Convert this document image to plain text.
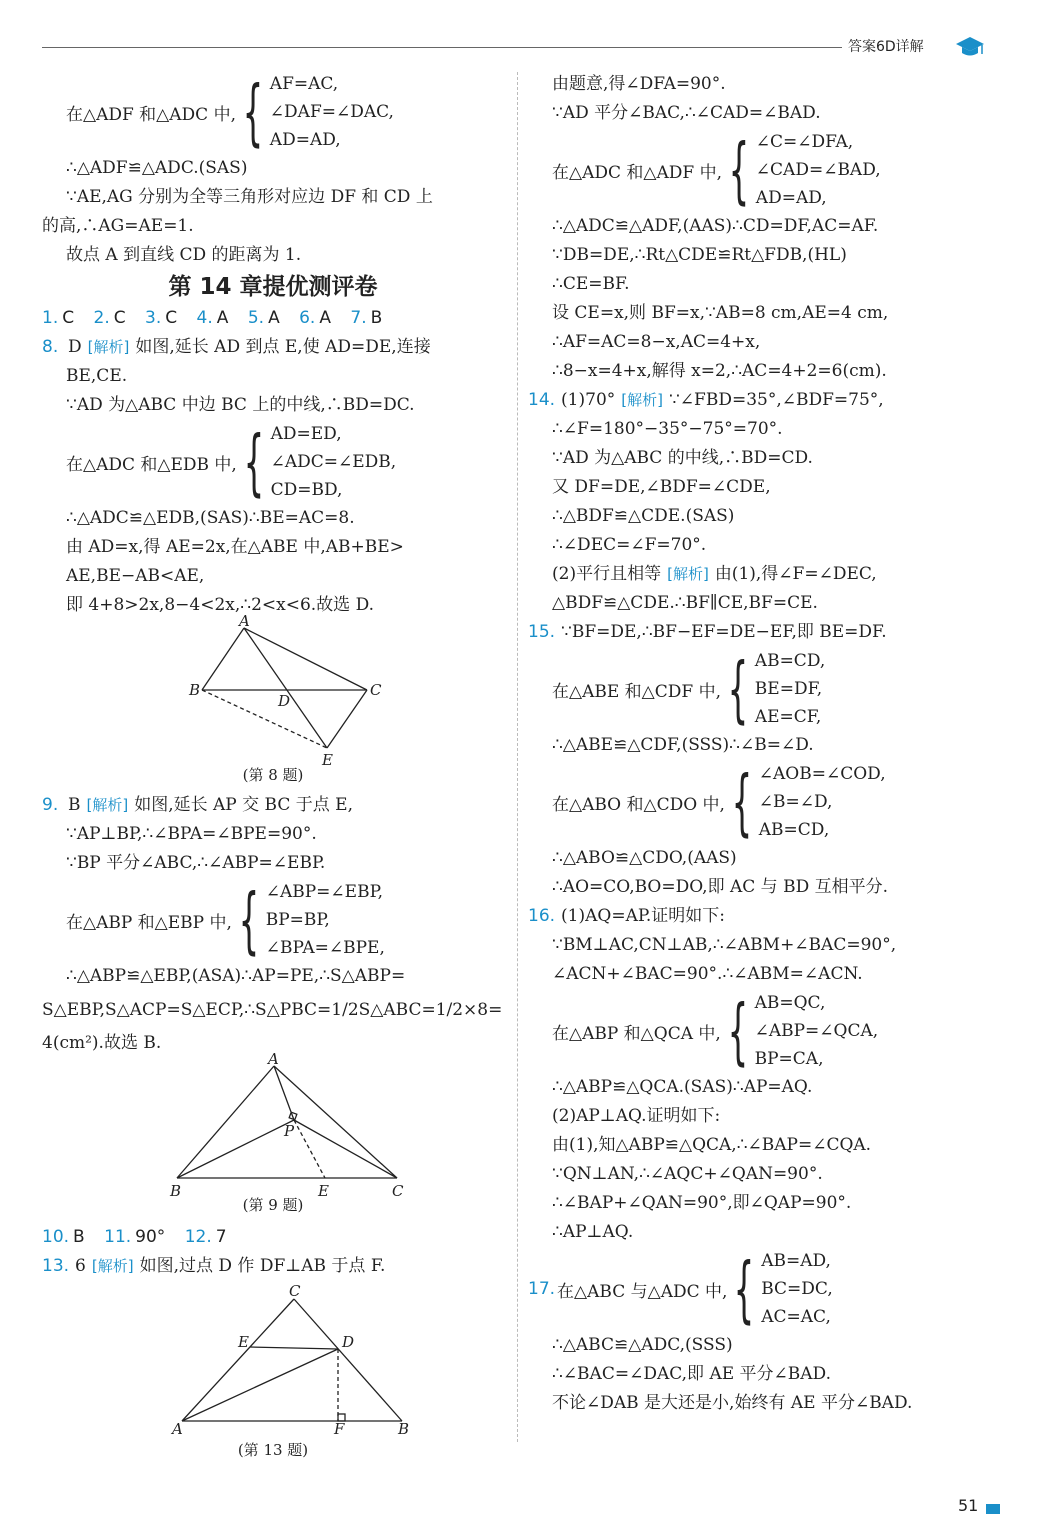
答案6D详解
在△ADF 和△ADC 中, { AF=AC,
∠DAF=∠DAC,
AD=AD,
∴△ADF≌△ADC.(SAS)
∵AE,AG 分别为全等三角形对应边 DF 和 CD 上
的高,∴AG=AE=1.
故点 A 到直线 CD 的距离为 1.
第 14 章提优测评卷
1. C 2. C 3. C 4. A 5. A 6. A 7. B
8. D [解析] 如图,延长 AD 到点 E,使 AD=DE,连接
BE,CE.
∵AD 为△ABC 中边 BC 上的中线,∴BD=DC.
在△ADC 和△EDB 中, { AD=ED,
∠ADC=∠EDB,
CD=BD,
∴△ADC≌△EDB,(SAS)∴BE=AC=8.
由 AD=x,得 AE=2x,在△ABE 中,AB+BE>
AE,BE−AB<AE,
即 4+8>2x,8−4<2x,∴2<x<6.故选 D.
A
B
D
C
E
(第 8 题)
9. B [解析] 如图,延长 AP 交 BC 于点 E,
∵AP⊥BP,∴∠BPA=∠BPE=90°.
∵BP 平分∠ABC,∴∠ABP=∠EBP.
在△ABP 和△EBP 中, { ∠ABP=∠EBP,
BP=BP,
∠BPA=∠BPE,
∴△ABP≌△EBP,(ASA)∴AP=PE,∴S△ABP=
S△EBP,S△ACP=S△ECP,∴S△PBC=1/2S△ABC=1/2×8=
4(cm²).故选 B.
A
P
B	E	C
(第 9 题)
10. B 11. 90° 12. 7
13. 6 [解析] 如图,过点 D 作 DF⊥AB 于点 F.
C
E	D
A	F	B
(第 13 题)
由题意,得∠DFA=90°.
∵AD 平分∠BAC,∴∠CAD=∠BAD.
在△ADC 和△ADF 中, { ∠C=∠DFA,
∠CAD=∠BAD,
AD=AD,
∴△ADC≌△ADF,(AAS)∴CD=DF,AC=AF.
∵DB=DE,∴Rt△CDE≌Rt△FDB,(HL)
∴CE=BF.
设 CE=x,则 BF=x,∵AB=8 cm,AE=4 cm,
∴AF=AC=8−x,AC=4+x,
∴8−x=4+x,解得 x=2,∴AC=4+2=6(cm).
14. (1)70° [解析] ∵∠FBD=35°,∠BDF=75°,
∴∠F=180°−35°−75°=70°.
∵AD 为△ABC 的中线,∴BD=CD.
又 DF=DE,∠BDF=∠CDE,
∴△BDF≌△CDE.(SAS)
∴∠DEC=∠F=70°.
(2)平行且相等 [解析] 由(1),得∠F=∠DEC,
△BDF≌△CDE.∴BF∥CE,BF=CE.
15. ∵BF=DE,∴BF−EF=DE−EF,即 BE=DF.
在△ABE 和△CDF 中, { AB=CD,
BE=DF,
AE=CF,
∴△ABE≌△CDF,(SSS)∴∠B=∠D.
在△ABO 和△CDO 中, { ∠AOB=∠COD,
∠B=∠D,
AB=CD,
∴△ABO≌△CDO,(AAS)
∴AO=CO,BO=DO,即 AC 与 BD 互相平分.
16. (1)AQ=AP.证明如下:
∵BM⊥AC,CN⊥AB,∴∠ABM+∠BAC=90°,
∠ACN+∠BAC=90°.∴∠ABM=∠ACN.
在△ABP 和△QCA 中, { AB=QC,
∠ABP=∠QCA,
BP=CA,
∴△ABP≌△QCA.(SAS)∴AP=AQ.
(2)AP⊥AQ.证明如下:
由(1),知△ABP≌△QCA,∴∠BAP=∠CQA.
∵QN⊥AN,∴∠AQC+∠QAN=90°.
∴∠BAP+∠QAN=90°,即∠QAP=90°.
∴AP⊥AQ.
17. 在△ABC 与△ADC 中, { AB=AD,
BC=DC,
AC=AC,
∴△ABC≌△ADC,(SSS)
∴∠BAC=∠DAC,即 AE 平分∠BAD.
不论∠DAB 是大还是小,始终有 AE 平分∠BAD.
51
